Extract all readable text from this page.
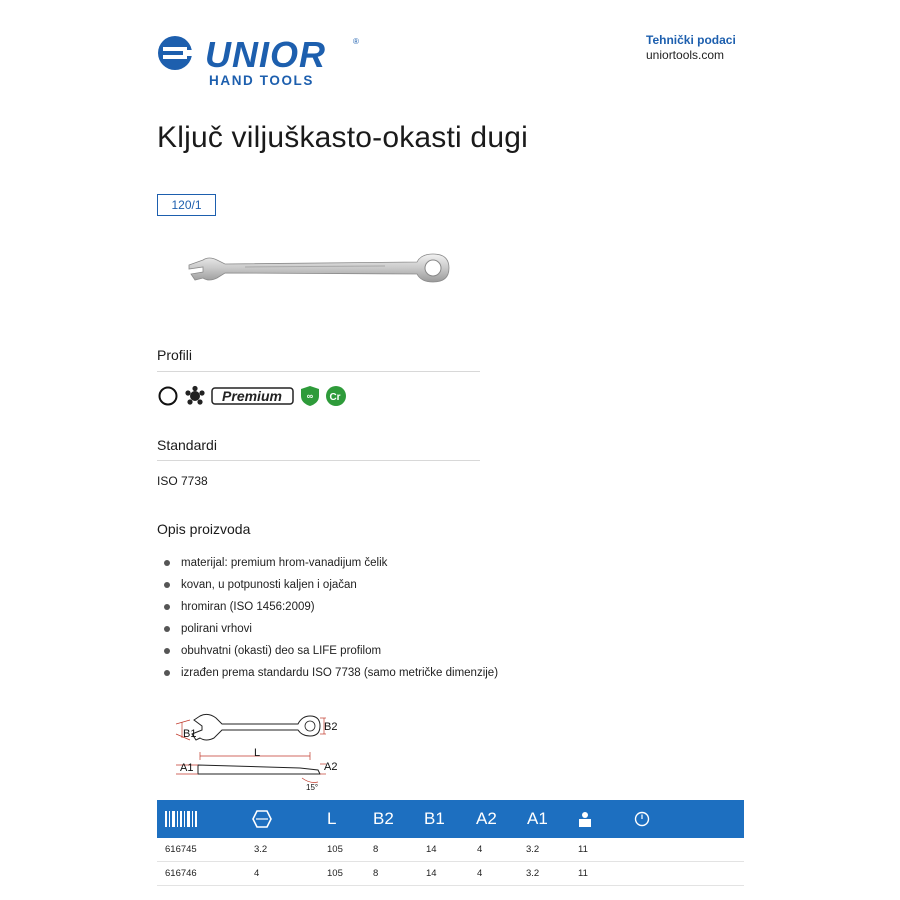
UNIOR	®
HAND TOOLS
Tehnički podaci
uniortools.com
Ključ viljuškasto-okasti dugi
120/1
Profili
Premium	∞ Cr
Standardi
ISO 7738
Opis proizvoda
materijal: premium hrom-vanadijum čelik
kovan, u potpunosti kaljen i ojačan
hromiran (ISO 1456:2009)
polirani vrhovi
obuhvatni (okasti) deo sa LIFE profilom
izrađen prema standardu ISO 7738 (samo metričke dimenzije)
B1
B2
L
A1	A2
15°
L B2 B1 A2 A1
616745	3.2	105	8	14	4	3.2	11
616746	4	105	8	14	4	3.2	11
